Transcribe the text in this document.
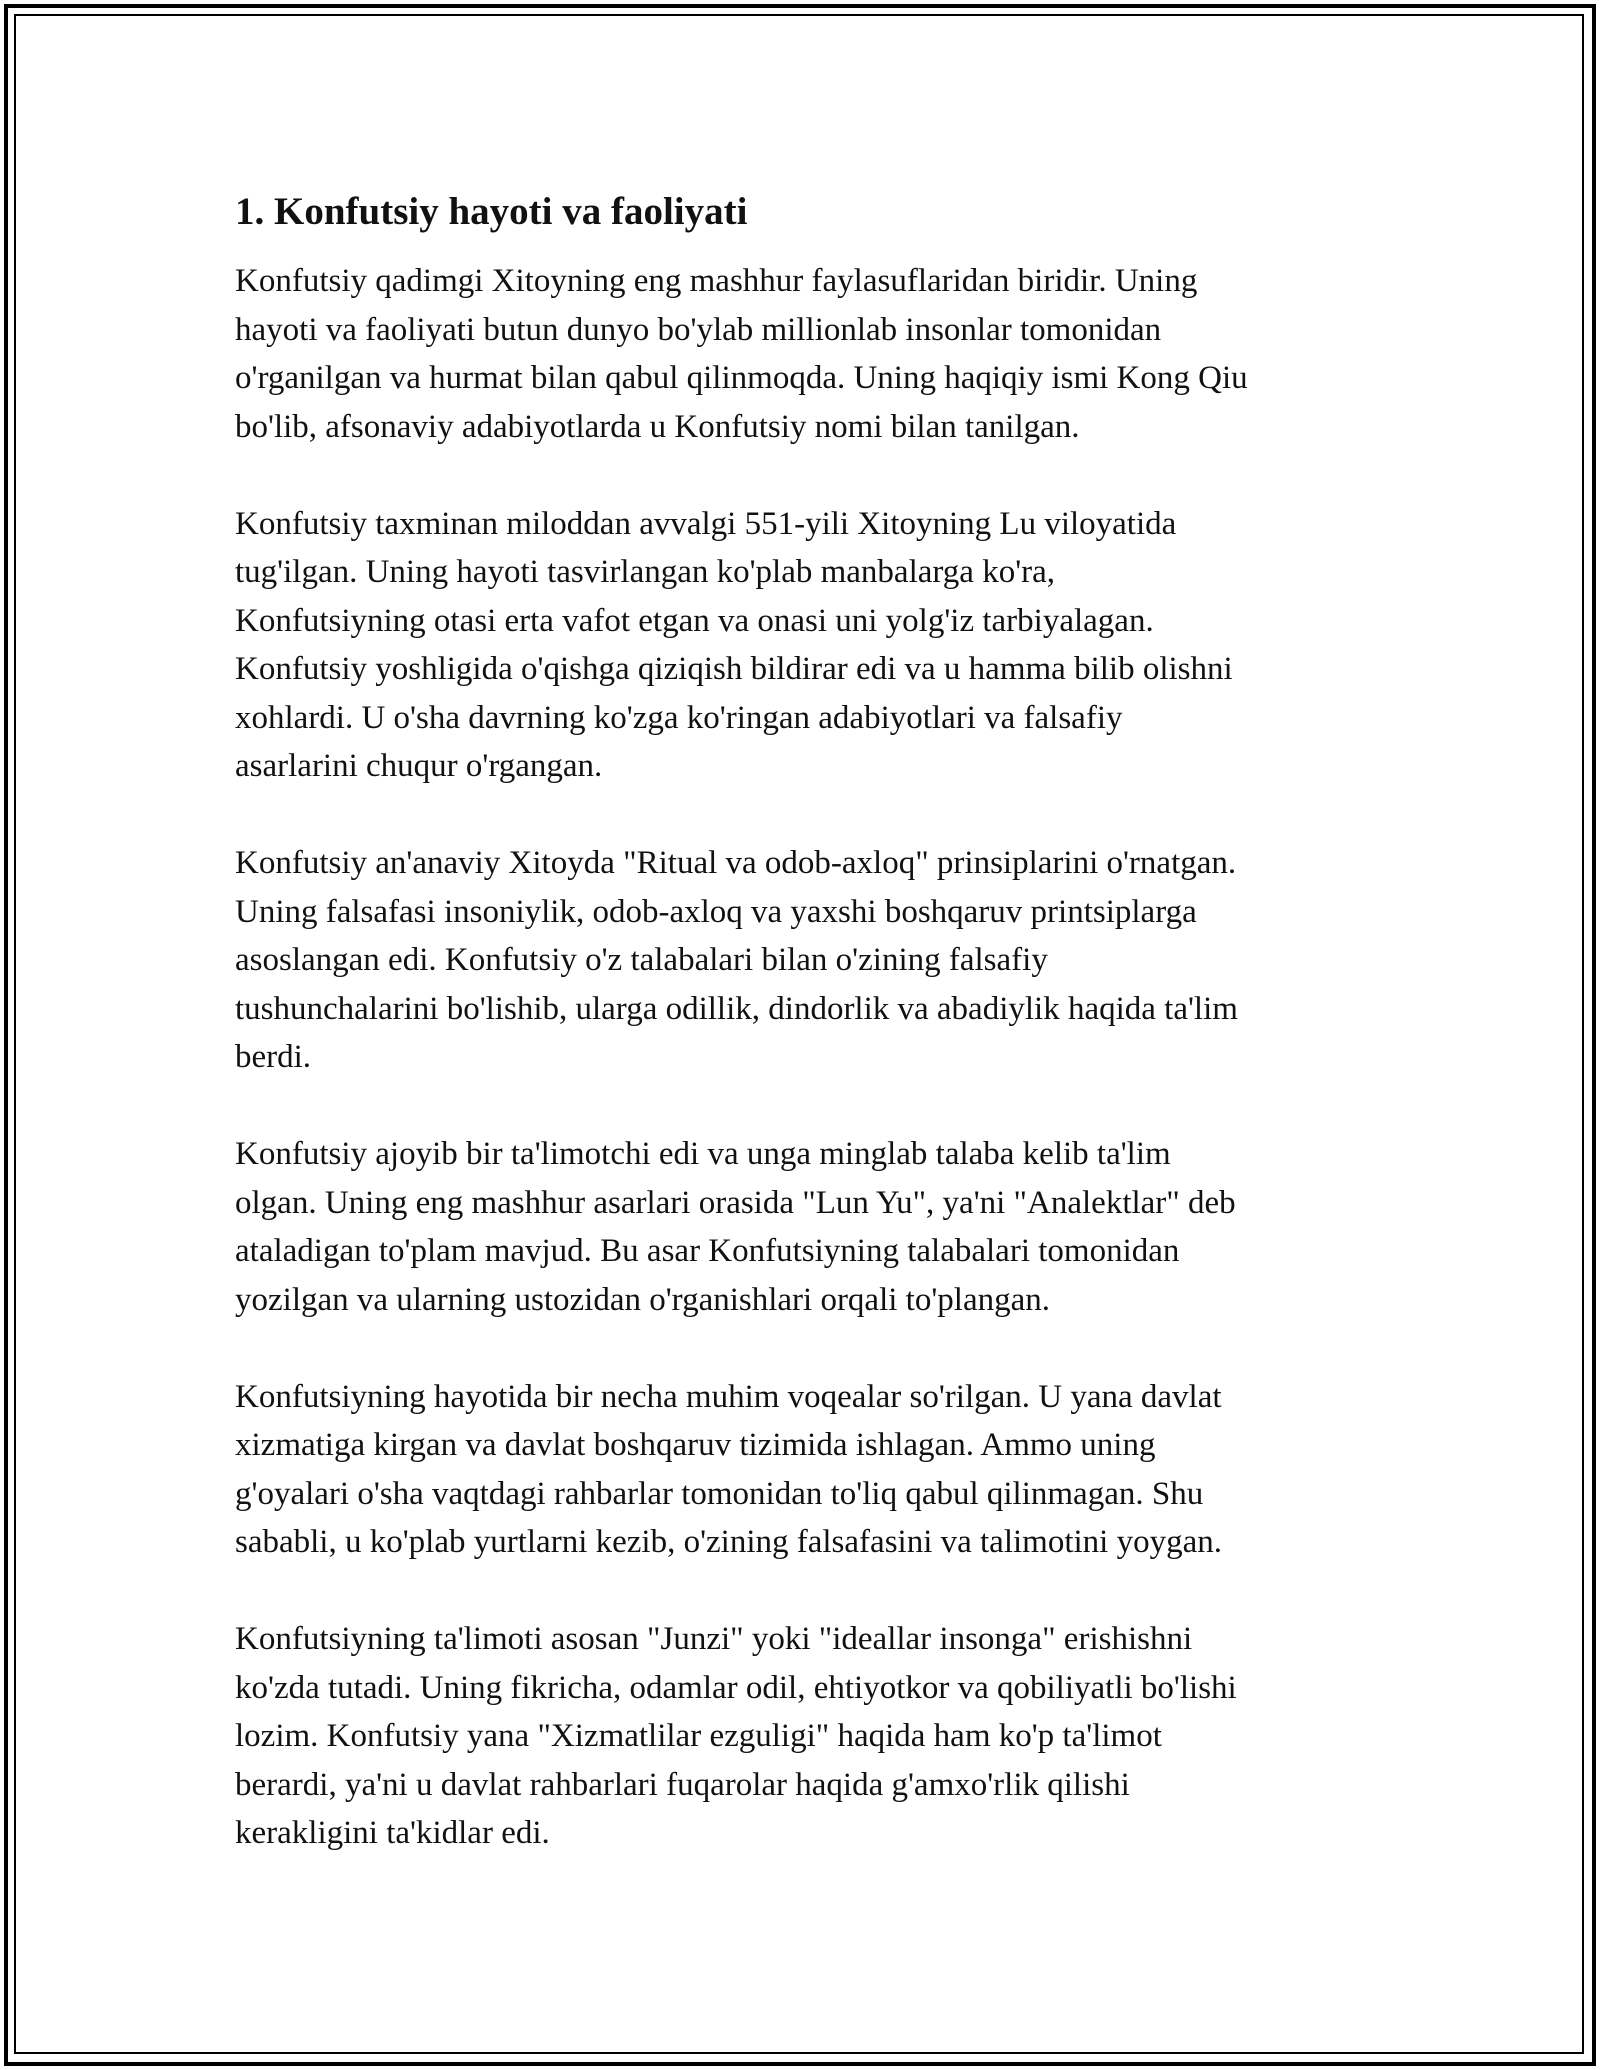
1. Konfutsiy hayoti va faoliyati

Konfutsiy qadimgi Xitoyning eng mashhur faylasuflaridan biridir. Uning
hayoti va faoliyati butun dunyo bo'ylab millionlab insonlar tomonidan
o'rganilgan va hurmat bilan qabul qilinmoqda. Uning haqiqiy ismi Kong Qiu
bo'lib, afsonaviy adabiyotlarda u Konfutsiy nomi bilan tanilgan.

Konfutsiy taxminan miloddan avvalgi 551-yili Xitoyning Lu viloyatida
tug'ilgan. Uning hayoti tasvirlangan ko'plab manbalarga ko'ra,
Konfutsiyning otasi erta vafot etgan va onasi uni yolg'iz tarbiyalagan.
Konfutsiy yoshligida o'qishga qiziqish bildirar edi va u hamma bilib olishni
xohlardi. U o'sha davrning ko'zga ko'ringan adabiyotlari va falsafiy
asarlarini chuqur o'rgangan.

Konfutsiy an'anaviy Xitoyda "Ritual va odob-axloq" prinsiplarini o'rnatgan.
Uning falsafasi insoniylik, odob-axloq va yaxshi boshqaruv printsiplarga
asoslangan edi. Konfutsiy o'z talabalari bilan o'zining falsafiy
tushunchalarini bo'lishib, ularga odillik, dindorlik va abadiylik haqida ta'lim
berdi.

Konfutsiy ajoyib bir ta'limotchi edi va unga minglab talaba kelib ta'lim
olgan. Uning eng mashhur asarlari orasida "Lun Yu", ya'ni "Analektlar" deb
ataladigan to'plam mavjud. Bu asar Konfutsiyning talabalari tomonidan
yozilgan va ularning ustozidan o'rganishlari orqali to'plangan.

Konfutsiyning hayotida bir necha muhim voqealar so'rilgan. U yana davlat
xizmatiga kirgan va davlat boshqaruv tizimida ishlagan. Ammo uning
g'oyalari o'sha vaqtdagi rahbarlar tomonidan to'liq qabul qilinmagan. Shu
sababli, u ko'plab yurtlarni kezib, o'zining falsafasini va talimotini yoygan.

Konfutsiyning ta'limoti asosan "Junzi" yoki "ideallar insonga" erishishni
ko'zda tutadi. Uning fikricha, odamlar odil, ehtiyotkor va qobiliyatli bo'lishi
lozim. Konfutsiy yana "Xizmatlilar ezguligi" haqida ham ko'p ta'limot
berardi, ya'ni u davlat rahbarlari fuqarolar haqida g'amxo'rlik qilishi
kerakligini ta'kidlar edi.
